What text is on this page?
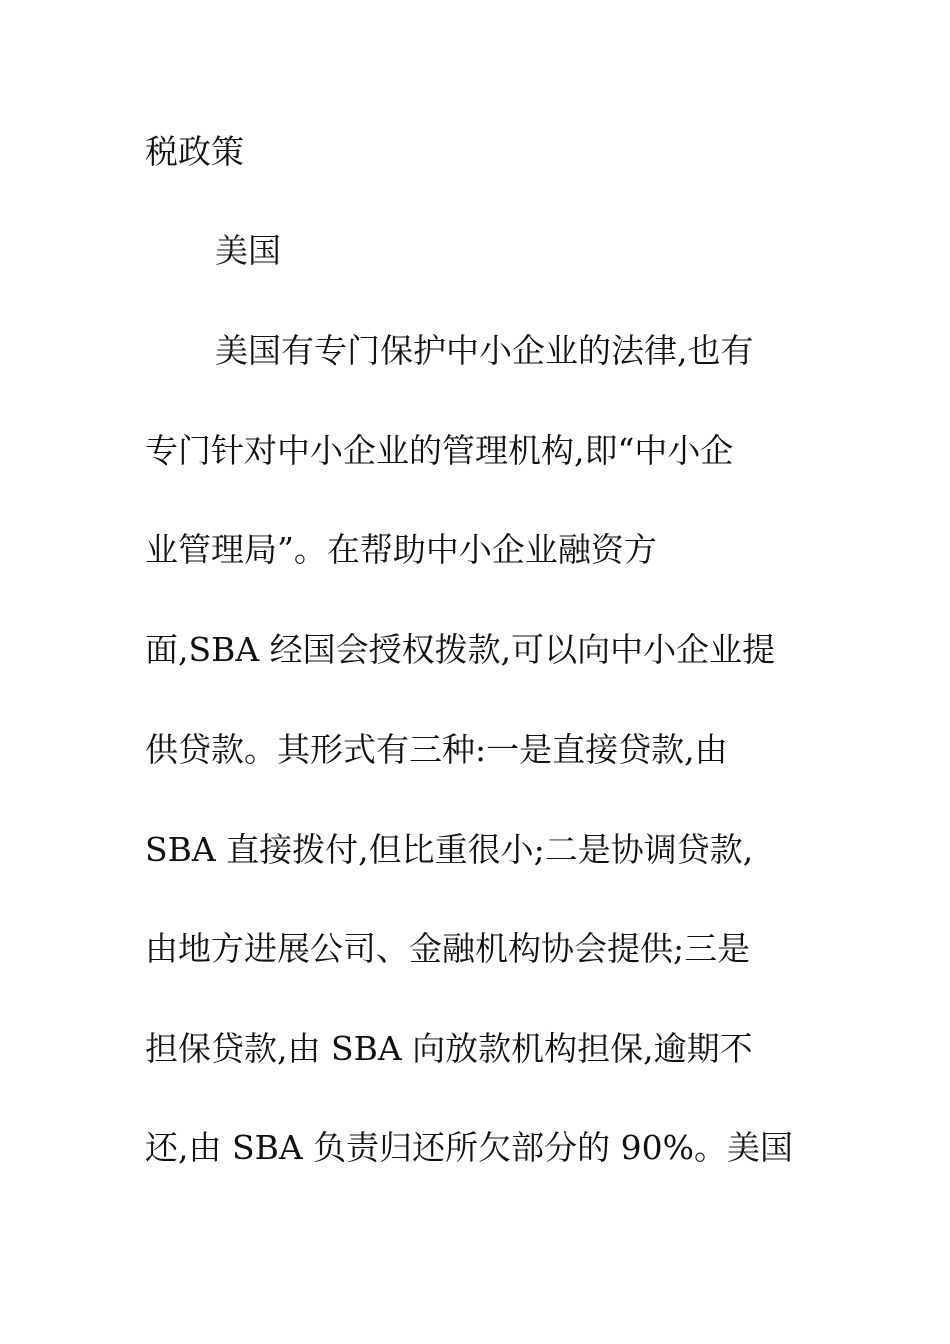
税政策
美国
美国有专门保护中小企业的法律,也有
专门针对中小企业的管理机构,即“中小企
业管理局”。在帮助中小企业融资方
面,SBA 经国会授权拨款,可以向中小企业提
供贷款。其形式有三种:一是直接贷款,由
SBA 直接拨付,但比重很小;二是协调贷款,
由地方进展公司、金融机构协会提供;三是
担保贷款,由 SBA 向放款机构担保,逾期不
还,由 SBA 负责归还所欠部分的 90%。美国
